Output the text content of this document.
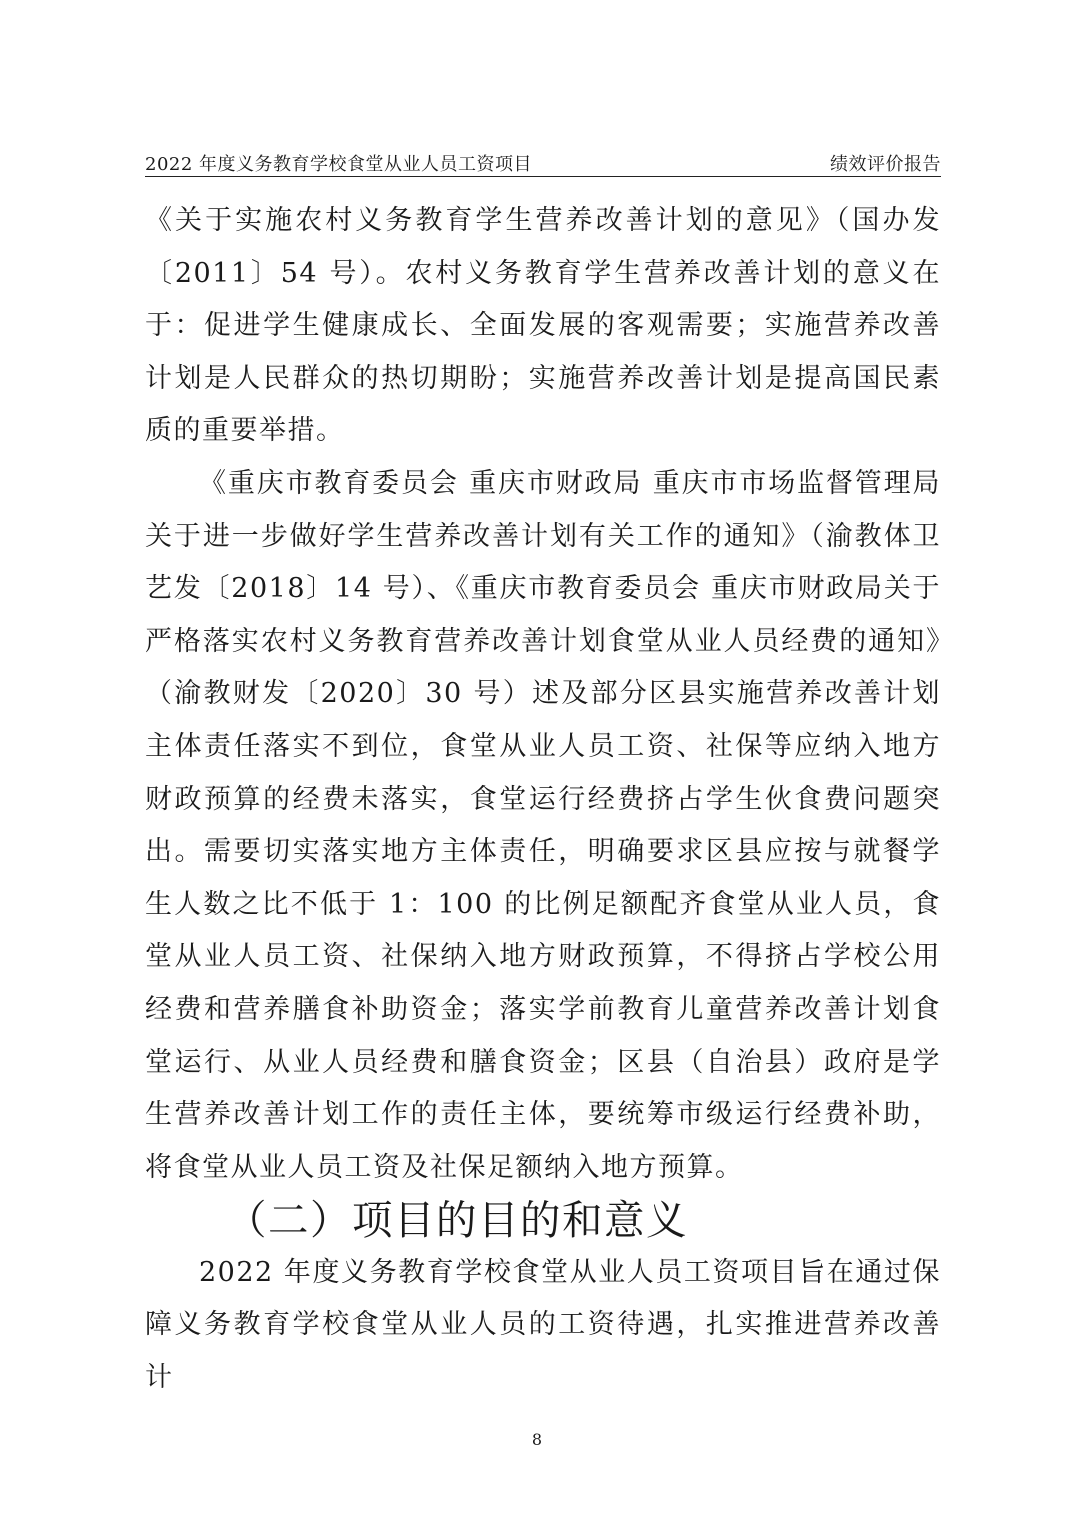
2022 年度义务教育学校食堂从业人员工资项目	绩效评价报告

《关于实施农村义务教育学生营养改善计划的意见》（国办发〔2011〕54 号）。农村义务教育学生营养改善计划的意义在于：促进学生健康成长、全面发展的客观需要；实施营养改善计划是人民群众的热切期盼；实施营养改善计划是提高国民素质的重要举措。

《重庆市教育委员会 重庆市财政局 重庆市市场监督管理局 关于进一步做好学生营养改善计划有关工作的通知》（渝教体卫艺发〔2018〕14 号）、《重庆市教育委员会 重庆市财政局关于严格落实农村义务教育营养改善计划食堂从业人员经费的通知》（渝教财发〔2020〕30 号）述及部分区县实施营养改善计划主体责任落实不到位，食堂从业人员工资、社保等应纳入地方财政预算的经费未落实，食堂运行经费挤占学生伙食费问题突出。需要切实落实地方主体责任，明确要求区县应按与就餐学生人数之比不低于 1：100 的比例足额配齐食堂从业人员，食堂从业人员工资、社保纳入地方财政预算，不得挤占学校公用经费和营养膳食补助资金；落实学前教育儿童营养改善计划食堂运行、从业人员经费和膳食资金；区县（自治县）政府是学生营养改善计划工作的责任主体，要统筹市级运行经费补助，将食堂从业人员工资及社保足额纳入地方预算。

（二）项目的目的和意义

2022 年度义务教育学校食堂从业人员工资项目旨在通过保障义务教育学校食堂从业人员的工资待遇，扎实推进营养改善计

8
